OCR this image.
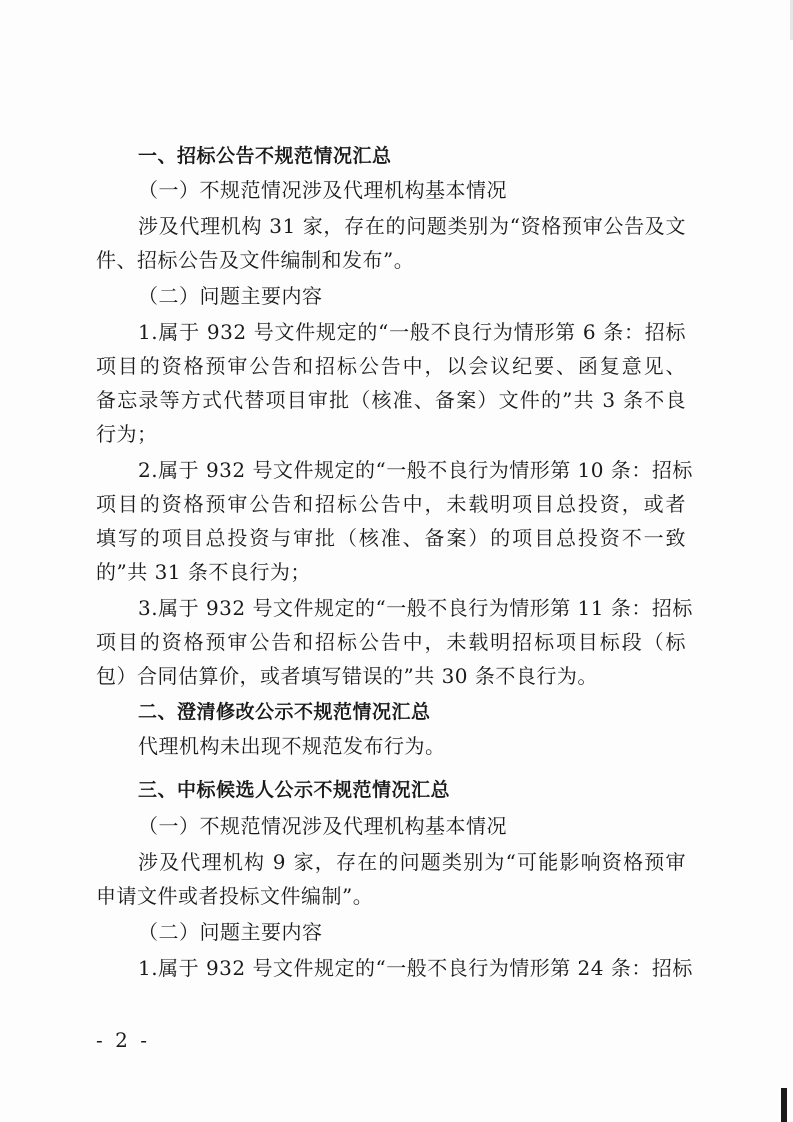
一、招标公告不规范情况汇总
（一）不规范情况涉及代理机构基本情况
涉及代理机构 31 家，存在的问题类别为“资格预审公告及文
件、招标公告及文件编制和发布”。
（二）问题主要内容
1.属于 932 号文件规定的“一般不良行为情形第 6 条：招标
项目的资格预审公告和招标公告中，以会议纪要、函复意见、
备忘录等方式代替项目审批（核准、备案）文件的”共 3 条不良
行为；
2.属于 932 号文件规定的“一般不良行为情形第 10 条：招标
项目的资格预审公告和招标公告中，未载明项目总投资，或者
填写的项目总投资与审批（核准、备案）的项目总投资不一致
的”共 31 条不良行为；
3.属于 932 号文件规定的“一般不良行为情形第 11 条：招标
项目的资格预审公告和招标公告中，未载明招标项目标段（标
包）合同估算价，或者填写错误的”共 30 条不良行为。
二、澄清修改公示不规范情况汇总
代理机构未出现不规范发布行为。
三、中标候选人公示不规范情况汇总
（一）不规范情况涉及代理机构基本情况
涉及代理机构 9 家，存在的问题类别为“可能影响资格预审
申请文件或者投标文件编制”。
（二）问题主要内容
1.属于 932 号文件规定的“一般不良行为情形第 24 条：招标
- 2 -
